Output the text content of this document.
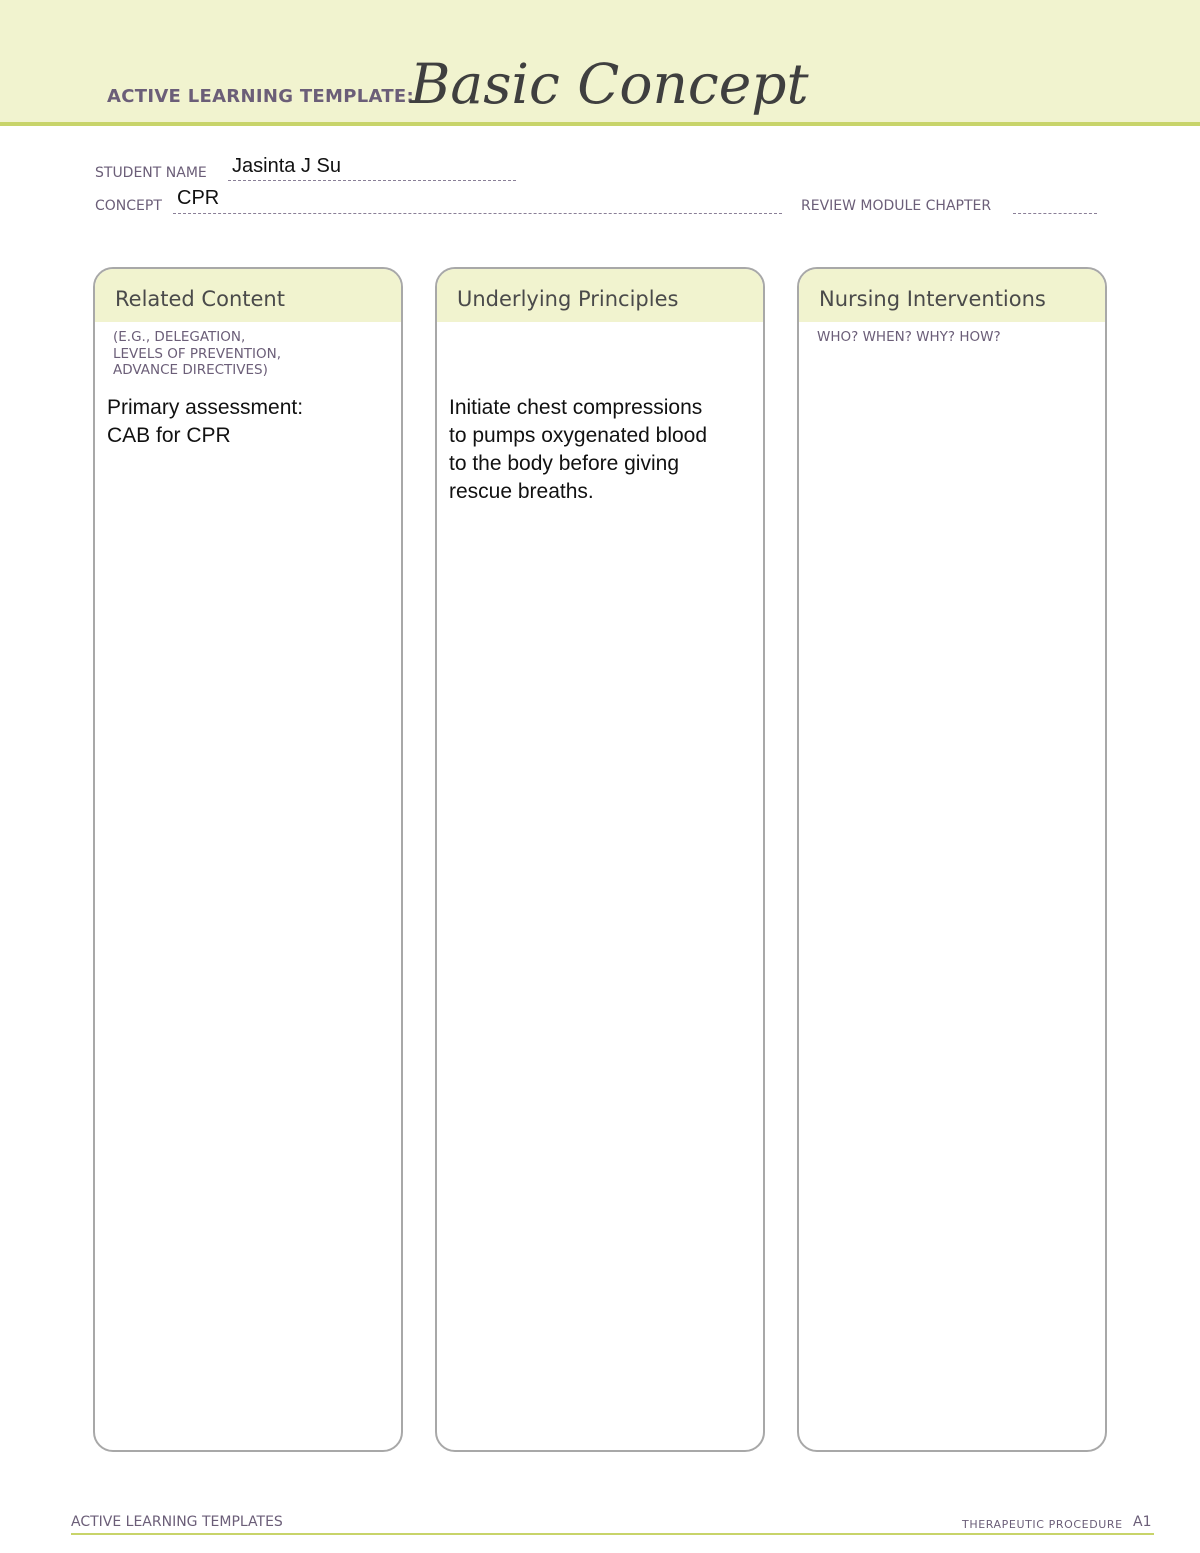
ACTIVE LEARNING TEMPLATE:
Basic Concept
STUDENT NAME Jasinta J Su
CONCEPT CPR	REVIEW MODULE CHAPTER
Related Content
(E.G., DELEGATION,
LEVELS OF PREVENTION,
ADVANCE DIRECTIVES)
Primary assessment:
CAB for CPR
Underlying Principles
Initiate chest compressions
to pumps oxygenated blood
to the body before giving
rescue breaths.
Nursing Interventions
WHO? WHEN? WHY? HOW?
ACTIVE LEARNING TEMPLATES	THERAPEUTIC PROCEDURE A1
